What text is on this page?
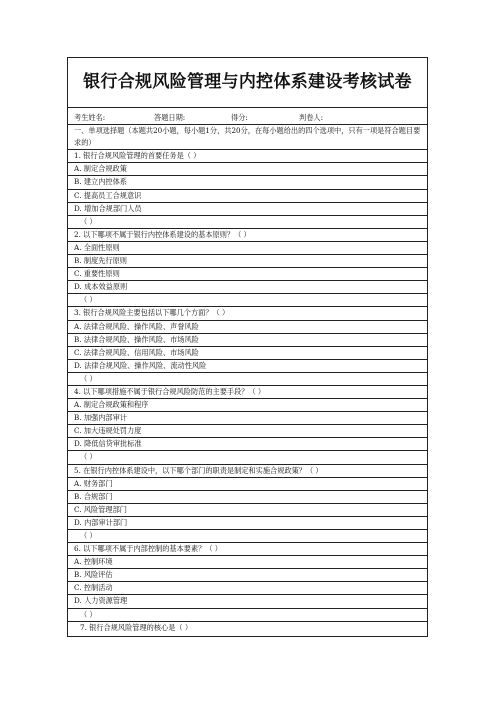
银行合规风险管理与内控体系建设考核试卷
考生姓名:	答题日期:	得分:	判卷人:
一、单项选择题（本题共20小题，每小题1分，共20分，在每小题给出的四个选项中，只有一项是符合题目要求的）
1. 银行合规风险管理的首要任务是（ ）
A. 制定合规政策
B. 建立内控体系
C. 提高员工合规意识
D. 增加合规部门人员
（ ）
2. 以下哪项不属于银行内控体系建设的基本原则？（ ）
A. 全面性原则
B. 制度先行原则
C. 重要性原则
D. 成本效益原则
（ ）
3. 银行合规风险主要包括以下哪几个方面？（ ）
A. 法律合规风险、操作风险、声誉风险
B. 法律合规风险、操作风险、市场风险
C. 法律合规风险、信用风险、市场风险
D. 法律合规风险、操作风险、流动性风险
（ ）
4. 以下哪项措施不属于银行合规风险防范的主要手段？（ ）
A. 制定合规政策和程序
B. 加强内部审计
C. 加大违规处罚力度
D. 降低信贷审批标准
（ ）
5. 在银行内控体系建设中，以下哪个部门的职责是制定和实施合规政策？（ ）
A. 财务部门
B. 合规部门
C. 风险管理部门
D. 内部审计部门
（ ）
6. 以下哪项不属于内部控制的基本要素？（ ）
A. 控制环境
B. 风险评估
C. 控制活动
D. 人力资源管理
（ ）
7. 银行合规风险管理的核心是（ ）
